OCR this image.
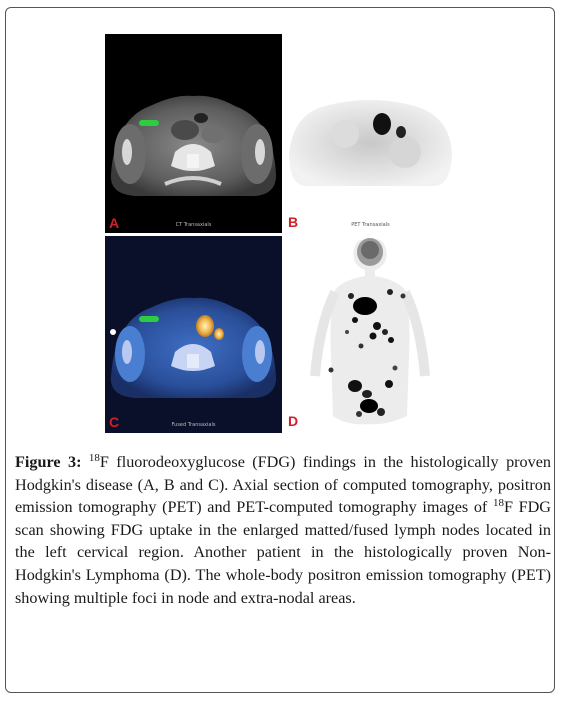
A	CT Transaxials	B	PET Transaxials
C	Fused Transaxials	D
Figure 3: $^{18}$F fluorodeoxyglucose (FDG) findings in the histologically proven Hodgkin's disease (A, B and C). Axial section of computed tomography, positron emission tomography (PET) and PET-computed tomography images of $^{18}$F FDG scan showing FDG uptake in the enlarged matted/fused lymph nodes located in the left cervical region. Another patient in the histologically proven Non-Hodgkin's Lymphoma (D). The whole-body positron emission tomography (PET) showing multiple foci in node and extra-nodal areas.
